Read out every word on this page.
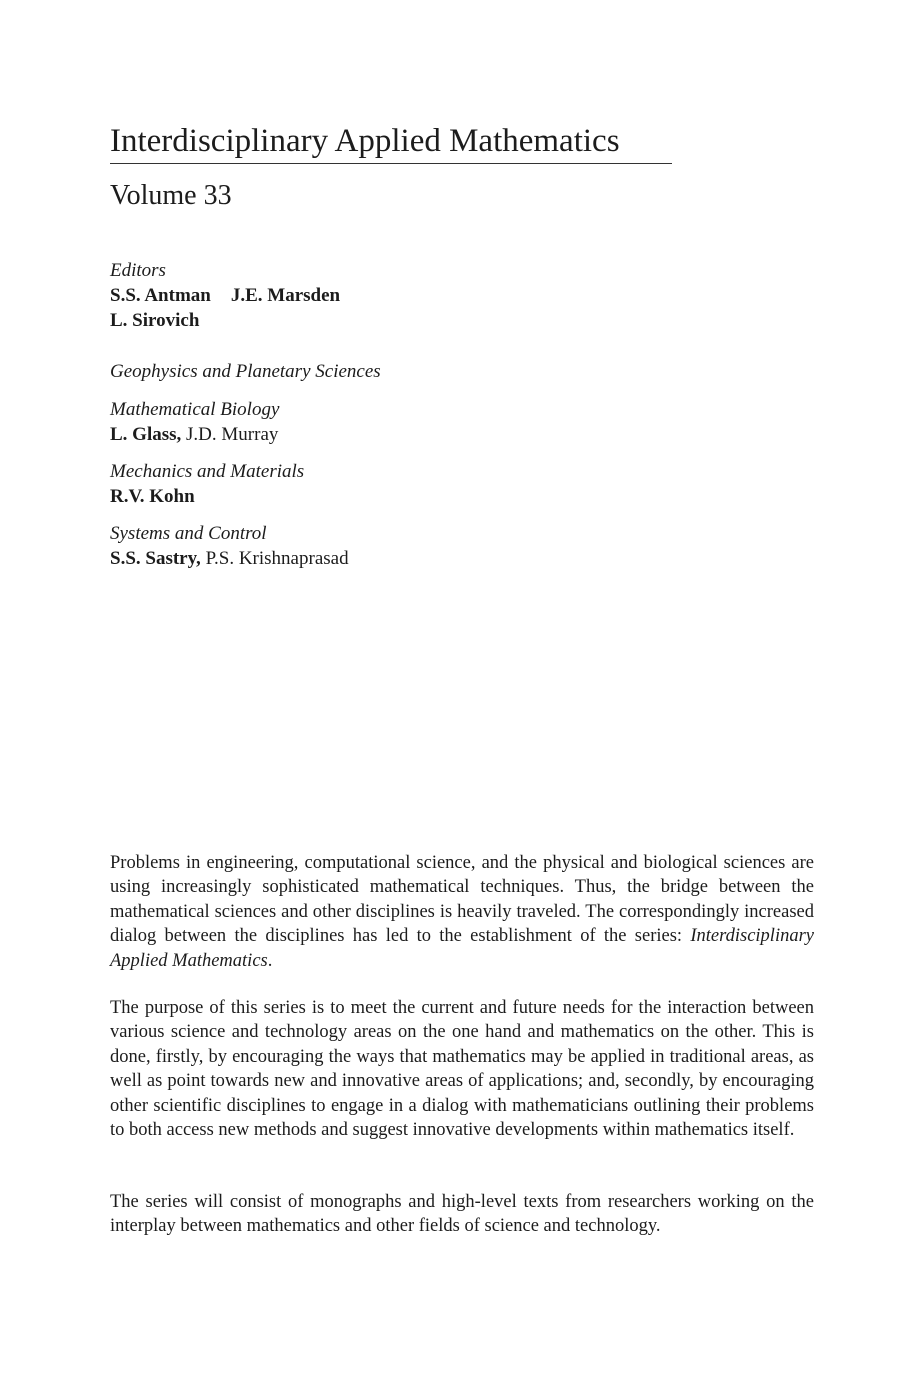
Interdisciplinary Applied Mathematics
Volume 33
Editors
S.S. Antman J.E. Marsden
L. Sirovich
Geophysics and Planetary Sciences
Mathematical Biology
L. Glass, J.D. Murray
Mechanics and Materials
R.V. Kohn
Systems and Control
S.S. Sastry, P.S. Krishnaprasad

Problems in engineering, computational science, and the physical and biological sciences are using increasingly sophisticated mathematical techniques. Thus, the bridge between the mathematical sciences and other disciplines is heavily traveled. The correspondingly increased dialog between the disciplines has led to the establishment of the series: Interdisciplinary Applied Mathematics.

The purpose of this series is to meet the current and future needs for the interaction between various science and technology areas on the one hand and mathematics on the other. This is done, firstly, by encouraging the ways that mathematics may be applied in traditional areas, as well as point towards new and innovative areas of applications; and, secondly, by encouraging other scientific disciplines to engage in a dialog with mathematicians outlining their problems to both access new methods and suggest innovative developments within mathematics itself.

The series will consist of monographs and high-level texts from researchers working on the interplay between mathematics and other fields of science and technology.
